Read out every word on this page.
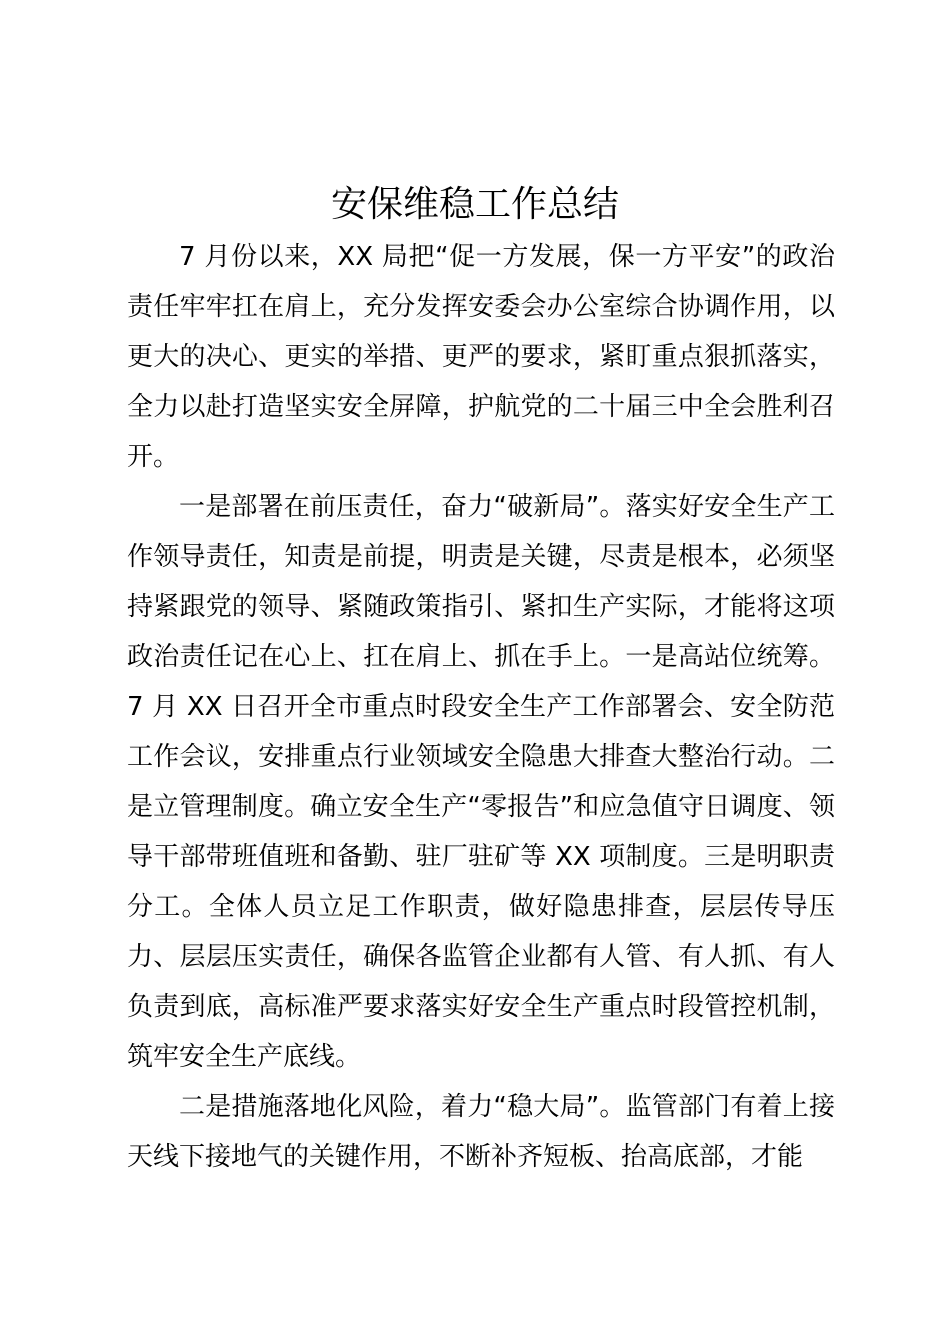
安保维稳工作总结

7 月份以来，XX 局把“促一方发展，保一方平安”的政治责任牢牢扛在肩上，充分发挥安委会办公室综合协调作用，以更大的决心、更实的举措、更严的要求，紧盯重点狠抓落实，全力以赴打造坚实安全屏障，护航党的二十届三中全会胜利召开。

一是部署在前压责任，奋力“破新局”。落实好安全生产工作领导责任，知责是前提，明责是关键，尽责是根本，必须坚持紧跟党的领导、紧随政策指引、紧扣生产实际，才能将这项政治责任记在心上、扛在肩上、抓在手上。一是高站位统筹。7 月 XX 日召开全市重点时段安全生产工作部署会、安全防范工作会议，安排重点行业领域安全隐患大排查大整治行动。二是立管理制度。确立安全生产“零报告”和应急值守日调度、领导干部带班值班和备勤、驻厂驻矿等 XX 项制度。三是明职责分工。全体人员立足工作职责，做好隐患排查，层层传导压力、层层压实责任，确保各监管企业都有人管、有人抓、有人负责到底，高标准严要求落实好安全生产重点时段管控机制，筑牢安全生产底线。

二是措施落地化风险，着力“稳大局”。监管部门有着上接天线下接地气的关键作用，不断补齐短板、抬高底部，才能
